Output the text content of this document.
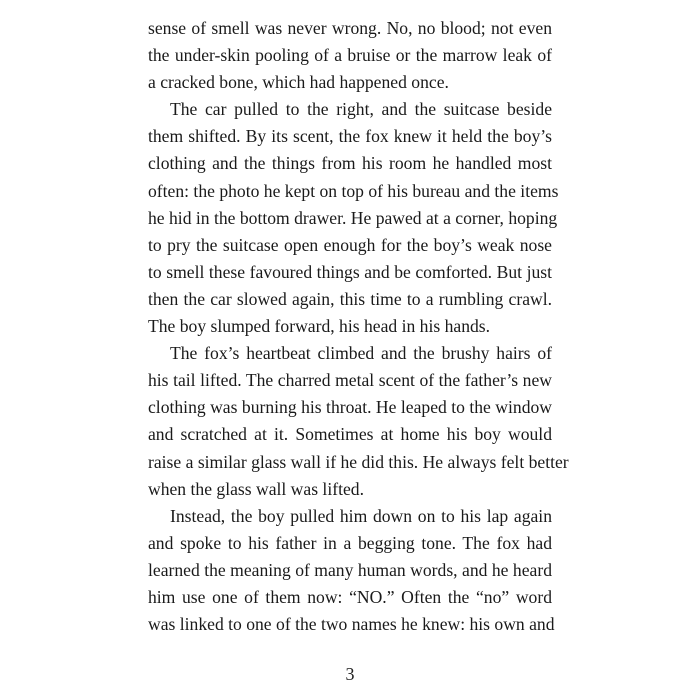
sense of smell was never wrong. No, no blood; not even
the under-skin pooling of a bruise or the marrow leak of
a cracked bone, which had happened once.
The car pulled to the right, and the suitcase beside
them shifted. By its scent, the fox knew it held the boy’s
clothing and the things from his room he handled most
often: the photo he kept on top of his bureau and the items
he hid in the bottom drawer. He pawed at a corner, hoping
to pry the suitcase open enough for the boy’s weak nose
to smell these favoured things and be comforted. But just
then the car slowed again, this time to a rumbling crawl.
The boy slumped forward, his head in his hands.
The fox’s heartbeat climbed and the brushy hairs of
his tail lifted. The charred metal scent of the father’s new
clothing was burning his throat. He leaped to the window
and scratched at it. Sometimes at home his boy would
raise a similar glass wall if he did this. He always felt better
when the glass wall was lifted.
Instead, the boy pulled him down on to his lap again
and spoke to his father in a begging tone. The fox had
learned the meaning of many human words, and he heard
him use one of them now: “NO.” Often the “no” word
was linked to one of the two names he knew: his own and
3
